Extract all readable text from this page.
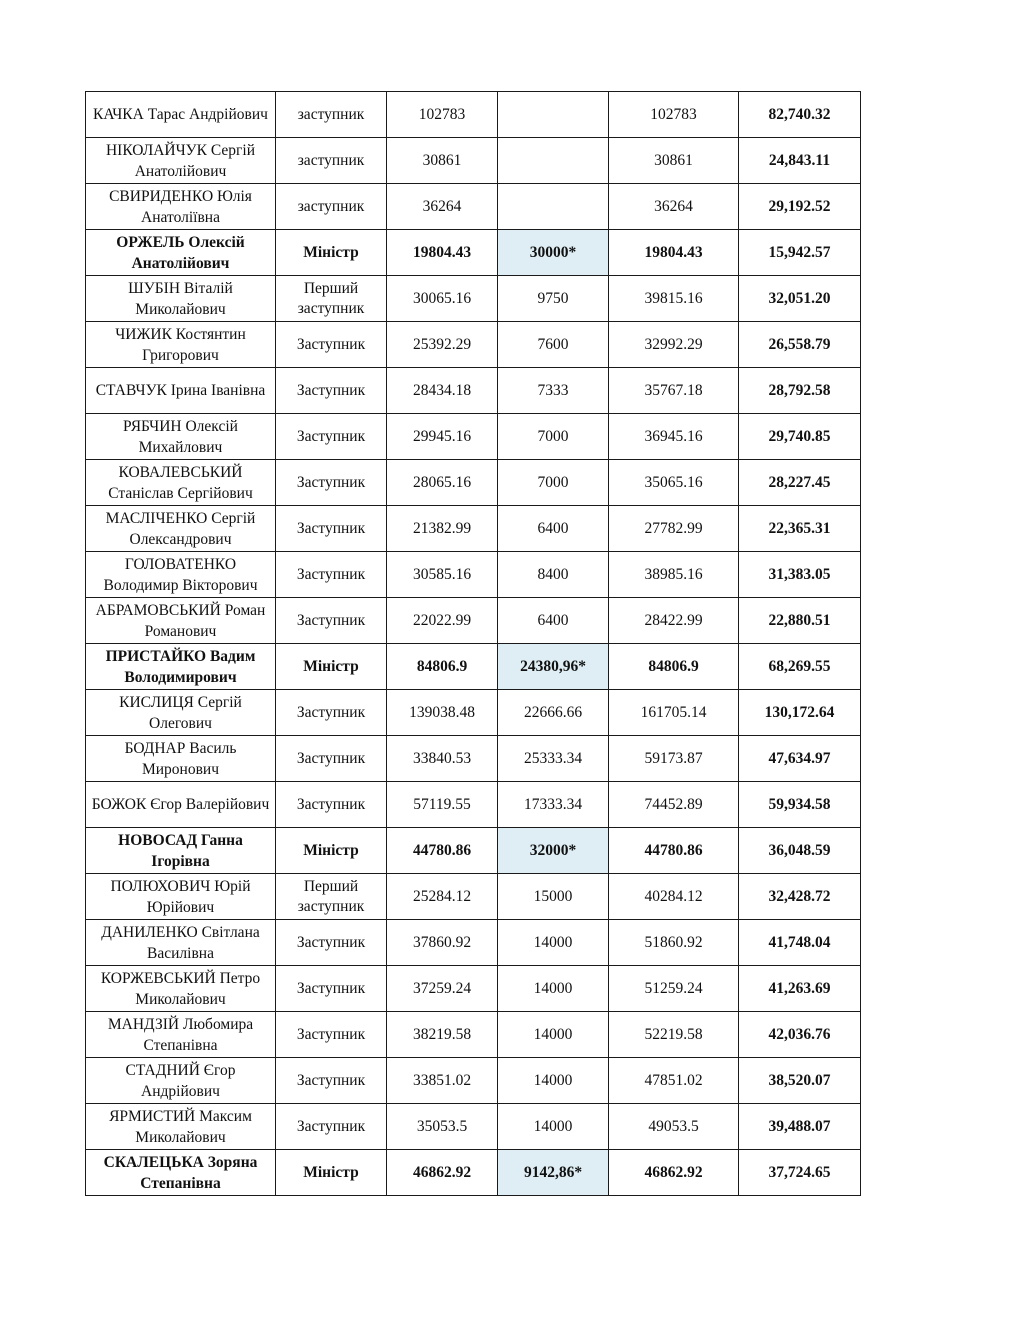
КАЧКА Тарас Андрійович	заступник	102783		102783	82,740.32
НІКОЛАЙЧУК Сергій Анатолійович	заступник	30861		30861	24,843.11
СВИРИДЕНКО Юлія Анатоліївна	заступник	36264		36264	29,192.52
ОРЖЕЛЬ Олексій Анатолійович	Міністр	19804.43	30000*	19804.43	15,942.57
ШУБІН Віталій Миколайович	Перший заступник	30065.16	9750	39815.16	32,051.20
ЧИЖИК Костянтин Григорович	Заступник	25392.29	7600	32992.29	26,558.79
СТАВЧУК Ірина Іванівна	Заступник	28434.18	7333	35767.18	28,792.58
РЯБЧИН Олексій Михайлович	Заступник	29945.16	7000	36945.16	29,740.85
КОВАЛЕВСЬКИЙ Станіслав Сергійович	Заступник	28065.16	7000	35065.16	28,227.45
МАСЛІЧЕНКО Сергій Олександрович	Заступник	21382.99	6400	27782.99	22,365.31
ГОЛОВАТЕНКО Володимир Вікторович	Заступник	30585.16	8400	38985.16	31,383.05
АБРАМОВСЬКИЙ Роман Романович	Заступник	22022.99	6400	28422.99	22,880.51
ПРИСТАЙКО Вадим Володимирович	Міністр	84806.9	24380,96*	84806.9	68,269.55
КИСЛИЦЯ Сергій Олегович	Заступник	139038.48	22666.66	161705.14	130,172.64
БОДНАР Василь Миронович	Заступник	33840.53	25333.34	59173.87	47,634.97
БОЖОК Єгор Валерійович	Заступник	57119.55	17333.34	74452.89	59,934.58
НОВОСАД Ганна Ігорівна	Міністр	44780.86	32000*	44780.86	36,048.59
ПОЛЮХОВИЧ Юрій Юрійович	Перший заступник	25284.12	15000	40284.12	32,428.72
ДАНИЛЕНКО Світлана Василівна	Заступник	37860.92	14000	51860.92	41,748.04
КОРЖЕВСЬКИЙ Петро Миколайович	Заступник	37259.24	14000	51259.24	41,263.69
МАНДЗІЙ Любомира Степанівна	Заступник	38219.58	14000	52219.58	42,036.76
СТАДНИЙ Єгор Андрійович	Заступник	33851.02	14000	47851.02	38,520.07
ЯРМИСТИЙ Максим Миколайович	Заступник	35053.5	14000	49053.5	39,488.07
СКАЛЕЦЬКА Зоряна Степанівна	Міністр	46862.92	9142,86*	46862.92	37,724.65
